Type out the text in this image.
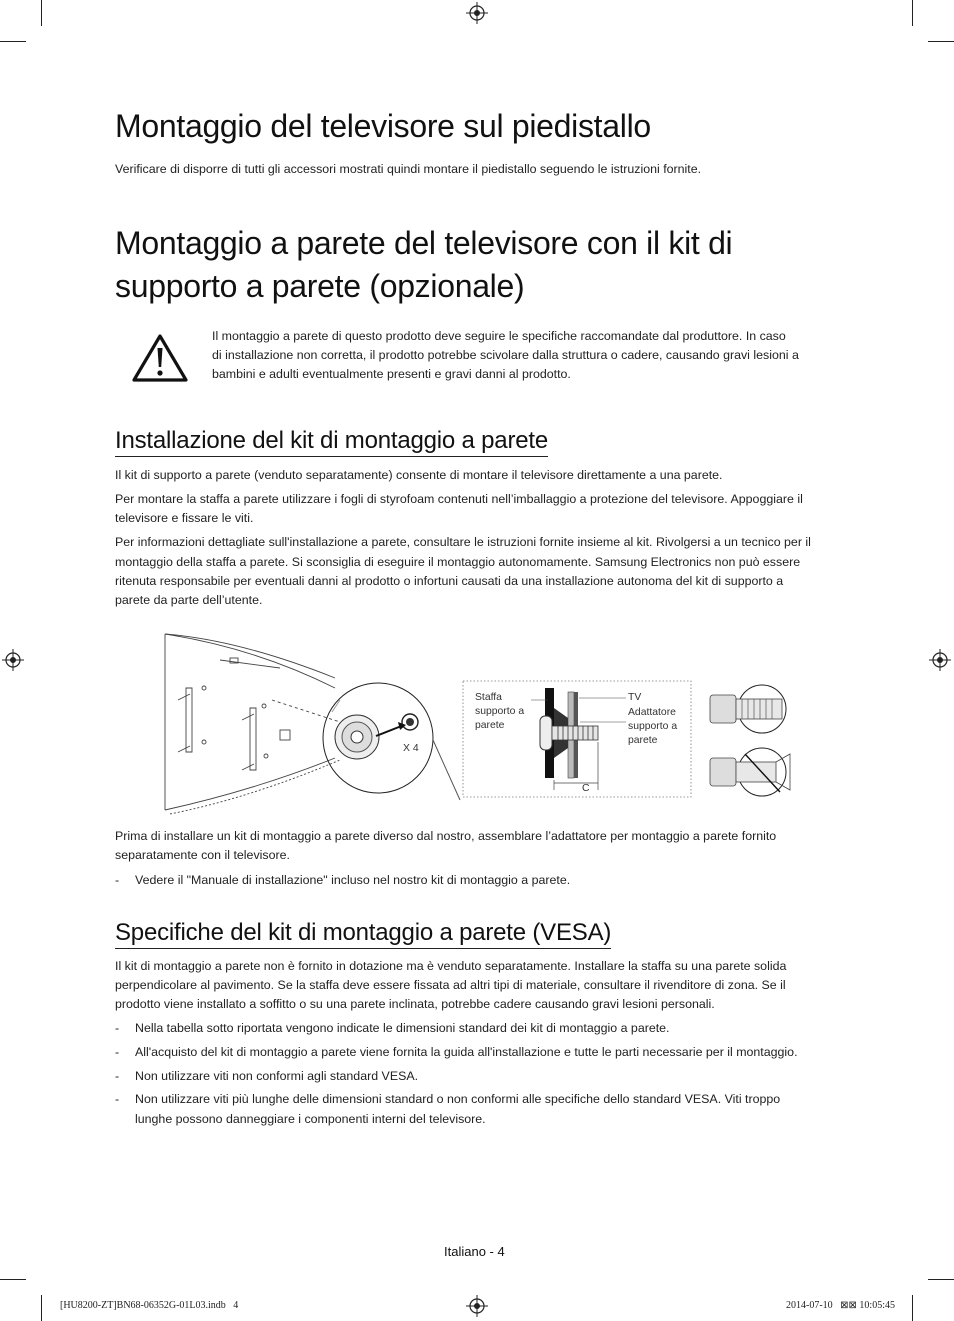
Montaggio del televisore sul piedistallo

Verificare di disporre di tutti gli accessori mostrati quindi montare il piedistallo seguendo le istruzioni fornite.

Montaggio a parete del televisore con il kit di
supporto a parete (opzionale)

Il montaggio a parete di questo prodotto deve seguire le specifiche raccomandate dal produttore. In caso

di installazione non corretta, il prodotto potrebbe scivolare dalla struttura o cadere, causando gravi lesioni a

bambini e adulti eventualmente presenti e gravi danni al prodotto.

Installazione del kit di montaggio a parete

Il kit di supporto a parete (venduto separatamente) consente di montare il televisore direttamente a una parete.

Per montare la staffa a parete utilizzare i fogli di styrofoam contenuti nell’imballaggio a protezione del televisore. Appoggiare il

televisore e fissare le viti.

Per informazioni dettagliate sull'installazione a parete, consultare le istruzioni fornite insieme al kit. Rivolgersi a un tecnico per il

montaggio della staffa a parete. Si sconsiglia di eseguire il montaggio autonomamente. Samsung Electronics non può essere

ritenuta responsabile per eventuali danni al prodotto o infortuni causati da una installazione autonoma del kit di supporto a

parete da parte dell’utente.

X 4
Staffa
supporto a
parete
TV
Adattatore
supporto a
parete
C

Prima di installare un kit di montaggio a parete diverso dal nostro, assemblare l’adattatore per montaggio a parete fornito

separatamente con il televisore.

- Vedere il "Manuale di installazione" incluso nel nostro kit di montaggio a parete.
Specifiche del kit di montaggio a parete (VESA)

Il kit di montaggio a parete non è fornito in dotazione ma è venduto separatamente. Installare la staffa su una parete solida

perpendicolare al pavimento. Se la staffa deve essere fissata ad altri tipi di materiale, consultare il rivenditore di zona. Se il

prodotto viene installato a soffitto o su una parete inclinata, potrebbe cadere causando gravi lesioni personali.

- Nella tabella sotto riportata vengono indicate le dimensioni standard dei kit di montaggio a parete.
- All'acquisto del kit di montaggio a parete viene fornita la guida all'installazione e tutte le parti necessarie per il montaggio.
- Non utilizzare viti non conformi agli standard VESA.
- Non utilizzare viti più lunghe delle dimensioni standard o non conformi alle specifiche dello standard VESA. Viti troppo
lunghe possono danneggiare i componenti interni del televisore.
Italiano - 4
[HU8200-ZT]BN68-06352G-01L03.indb   4	2014-07-10   ⊠⊠ 10:05:45
